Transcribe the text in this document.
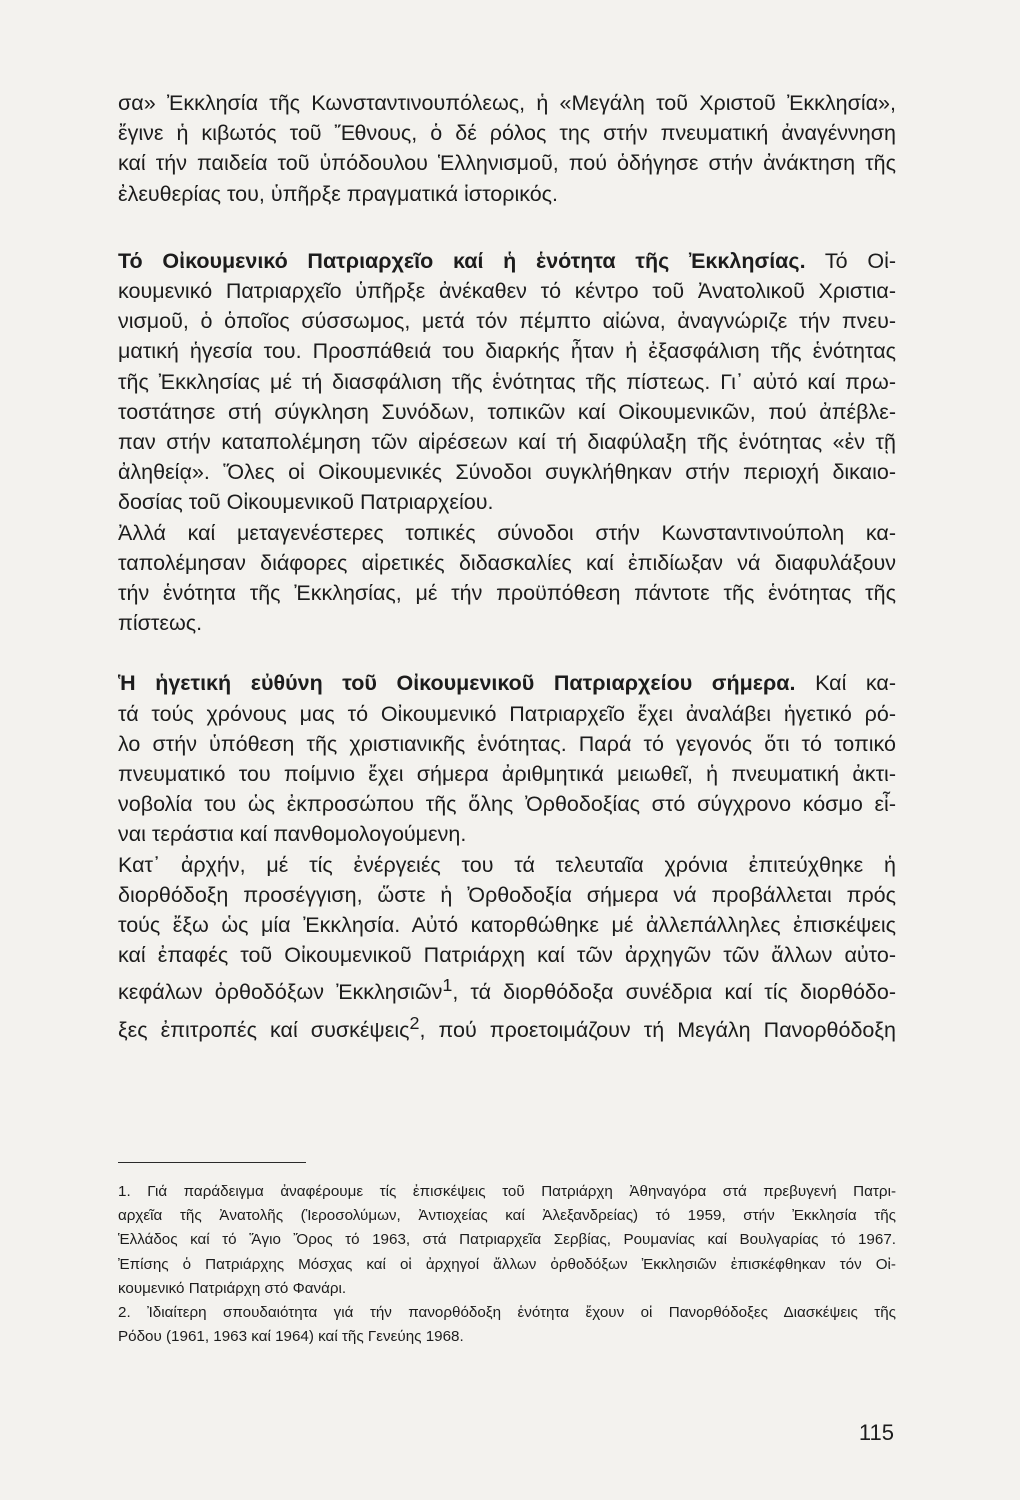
σα» Ἐκκλησία τῆς Κωνσταντινουπόλεως, ἡ «Μεγάλη τοῦ Χριστοῦ Ἐκκλησία»,
ἔγινε ἡ κιβωτός τοῦ Ἔθνους, ὁ δέ ρόλος της στήν πνευματική ἀναγέννηση
καί τήν παιδεία τοῦ ὑπόδουλου Ἑλληνισμοῦ, πού ὁδήγησε στήν ἀνάκτηση τῆς
ἐλευθερίας του, ὑπῆρξε πραγματικά ἱστορικός.
Τό Οἰκουμενικό Πατριαρχεῖο καί ἡ ἑνότητα τῆς Ἐκκλησίας. Τό Οἰ-
κουμενικό Πατριαρχεῖο ὑπῆρξε ἀνέκαθεν τό κέντρο τοῦ Ἀνατολικοῦ Χριστια-
νισμοῦ, ὁ ὁποῖος σύσσωμος, μετά τόν πέμπτο αἰώνα, ἀναγνώριζε τήν πνευ-
ματική ἡγεσία του. Προσπάθειά του διαρκής ἦταν ἡ ἐξασφάλιση τῆς ἑνότητας
τῆς Ἐκκλησίας μέ τή διασφάλιση τῆς ἑνότητας τῆς πίστεως. Γι᾿ αὐτό καί πρω-
τοστάτησε στή σύγκληση Συνόδων, τοπικῶν καί Οἰκουμενικῶν, πού ἀπέβλε-
παν στήν καταπολέμηση τῶν αἱρέσεων καί τή διαφύλαξη τῆς ἑνότητας «ἐν τῇ
ἀληθείᾳ». Ὅλες οἱ Οἰκουμενικές Σύνοδοι συγκλήθηκαν στήν περιοχή δικαιο-
δοσίας τοῦ Οἰκουμενικοῦ Πατριαρχείου.
Ἀλλά καί μεταγενέστερες τοπικές σύνοδοι στήν Κωνσταντινούπολη κα-
ταπολέμησαν διάφορες αἱρετικές διδασκαλίες καί ἐπιδίωξαν νά διαφυλάξουν
τήν ἑνότητα τῆς Ἐκκλησίας, μέ τήν προϋπόθεση πάντοτε τῆς ἑνότητας τῆς
πίστεως.
Ἡ ἡγετική εὐθύνη τοῦ Οἰκουμενικοῦ Πατριαρχείου σήμερα. Καί κα-
τά τούς χρόνους μας τό Οἰκουμενικό Πατριαρχεῖο ἔχει ἀναλάβει ἡγετικό ρό-
λο στήν ὑπόθεση τῆς χριστιανικῆς ἑνότητας. Παρά τό γεγονός ὅτι τό τοπικό
πνευματικό του ποίμνιο ἔχει σήμερα ἀριθμητικά μειωθεῖ, ἡ πνευματική ἀκτι-
νοβολία του ὡς ἐκπροσώπου τῆς ὅλης Ὀρθοδοξίας στό σύγχρονο κόσμο εἶ-
ναι τεράστια καί πανθομολογούμενη.
Κατ᾿ ἀρχήν, μέ τίς ἐνέργειές του τά τελευταῖα χρόνια ἐπιτεύχθηκε ἡ
διορθόδοξη προσέγγιση, ὥστε ἡ Ὀρθοδοξία σήμερα νά προβάλλεται πρός
τούς ἔξω ὡς μία Ἐκκλησία. Αὐτό κατορθώθηκε μέ ἀλλεπάλληλες ἐπισκέψεις
καί ἐπαφές τοῦ Οἰκουμενικοῦ Πατριάρχη καί τῶν ἀρχηγῶν τῶν ἄλλων αὐτο-
κεφάλων ὀρθοδόξων Ἐκκλησιῶν$^1$, τά διορθόδοξα συνέδρια καί τίς διορθόδο-
ξες ἐπιτροπές καί συσκέψεις$^2$, πού προετοιμάζουν τή Μεγάλη Πανορθόδοξη
1. Γιά παράδειγμα ἀναφέρουμε τίς ἐπισκέψεις τοῦ Πατριάρχη Ἀθηναγόρα στά πρεβυγενή Πατρι-
αρχεῖα τῆς Ἀνατολῆς (Ἱεροσολύμων, Ἀντιοχείας καί Ἀλεξανδρείας) τό 1959, στήν Ἐκκλησία τῆς
Ἑλλάδος καί τό Ἅγιο Ὄρος τό 1963, στά Πατριαρχεῖα Σερβίας, Ρουμανίας καί Βουλγαρίας τό 1967.
Ἐπίσης ὁ Πατριάρχης Μόσχας καί οἱ ἀρχηγοί ἄλλων ὀρθοδόξων Ἐκκλησιῶν ἐπισκέφθηκαν τόν Οἰ-
κουμενικό Πατριάρχη στό Φανάρι.
2. Ἰδιαίτερη σπουδαιότητα γιά τήν πανορθόδοξη ἑνότητα ἔχουν οἱ Πανορθόδοξες Διασκέψεις τῆς
Ρόδου (1961, 1963 καί 1964) καί τῆς Γενεύης 1968.
115
